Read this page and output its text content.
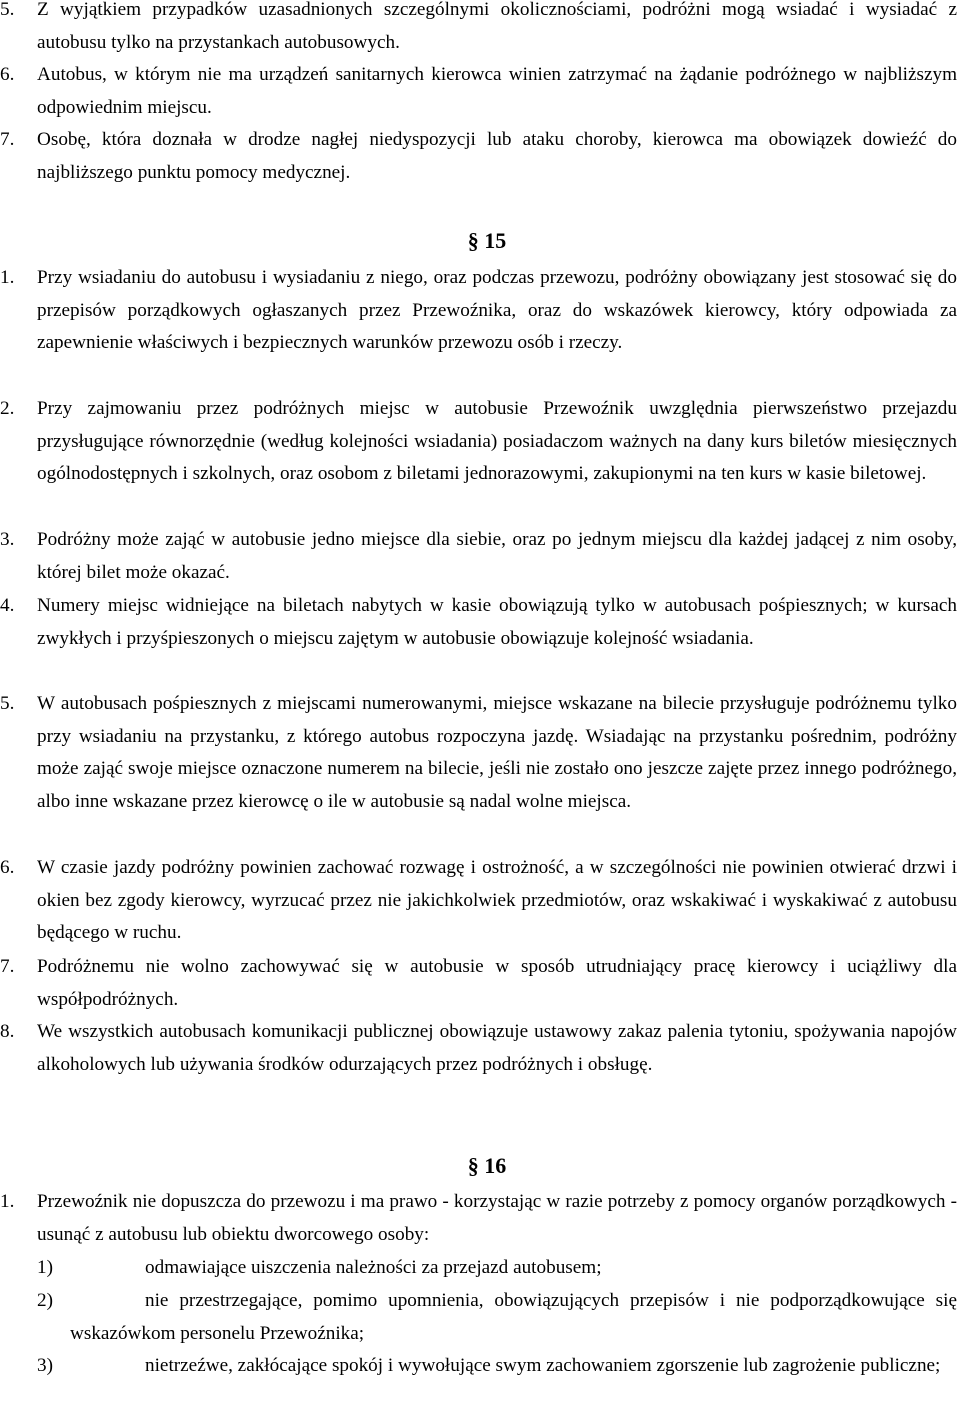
5.	Z wyjątkiem przypadków uzasadnionych szczególnymi okolicznościami, podróżni mogą wsiadać i wysiadać z autobusu tylko na przystankach autobusowych.
6.	Autobus, w którym nie ma urządzeń sanitarnych kierowca winien zatrzymać na żądanie podróżnego w najbliższym odpowiednim miejscu.
7.	Osobę, która doznała w drodze nagłej niedyspozycji lub ataku choroby, kierowca ma obowiązek dowieźć do najbliższego punktu pomocy medycznej.
§ 15
1.	Przy wsiadaniu do autobusu i wysiadaniu z niego, oraz podczas przewozu, podróżny obowiązany jest stosować się do przepisów porządkowych ogłaszanych przez Przewoźnika, oraz do wskazówek kierowcy, który odpowiada za zapewnienie właściwych i bezpiecznych warunków przewozu osób i rzeczy.
2.	Przy zajmowaniu przez podróżnych miejsc w autobusie Przewoźnik uwzględnia pierwszeństwo przejazdu przysługujące równorzędnie (według kolejności wsiadania) posiadaczom ważnych na dany kurs biletów miesięcznych ogólnodostępnych i szkolnych, oraz osobom z biletami jednorazowymi, zakupionymi na ten kurs w kasie biletowej.
3.	Podróżny może zająć w autobusie jedno miejsce dla siebie, oraz po jednym miejscu dla każdej jadącej z nim osoby, której bilet może okazać.
4.	Numery miejsc widniejące na biletach nabytych w kasie obowiązują tylko w autobusach pośpiesznych; w kursach zwykłych i przyśpieszonych o miejscu zajętym w autobusie obowiązuje kolejność wsiadania.
5.	W autobusach pośpiesznych z miejscami numerowanymi, miejsce wskazane na bilecie przysługuje podróżnemu tylko przy wsiadaniu na przystanku, z którego autobus rozpoczyna jazdę. Wsiadając na przystanku pośrednim, podróżny może zająć swoje miejsce oznaczone numerem na bilecie, jeśli nie zostało ono jeszcze zajęte przez innego podróżnego, albo inne wskazane przez kierowcę o ile w autobusie są nadal wolne miejsca.
6.	W czasie jazdy podróżny powinien zachować rozwagę i ostrożność, a w szczególności nie powinien otwierać drzwi i okien bez zgody kierowcy, wyrzucać przez nie jakichkolwiek przedmiotów, oraz wskakiwać i wyskakiwać z autobusu będącego w ruchu.
7.	Podróżnemu nie wolno zachowywać się w autobusie w sposób utrudniający pracę kierowcy i uciążliwy dla współpodróżnych.
8.	We wszystkich autobusach komunikacji publicznej obowiązuje ustawowy zakaz palenia tytoniu, spożywania napojów alkoholowych lub używania środków odurzających przez podróżnych i obsługę.
§ 16
1.	Przewoźnik nie dopuszcza do przewozu i ma prawo - korzystając w razie potrzeby z pomocy organów porządkowych - usunąć z autobusu lub obiektu dworcowego osoby:
1)	odmawiające uiszczenia należności za przejazd autobusem;
2)	nie przestrzegające, pomimo upomnienia, obowiązujących przepisów i nie podporządkowujące się wskazówkom personelu Przewoźnika;
3)	nietrzeźwe, zakłócające spokój i wywołujące swym zachowaniem zgorszenie lub zagrożenie publiczne;
